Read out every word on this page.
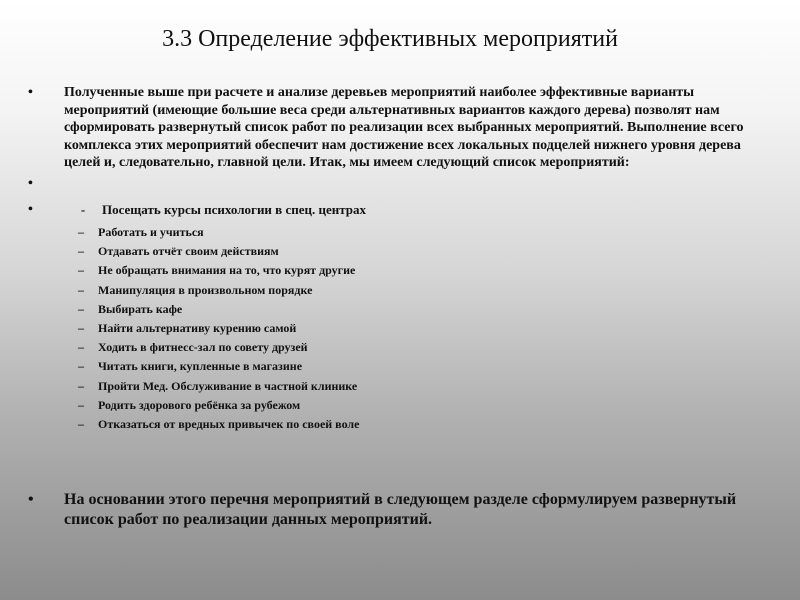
3.3 Определение эффективных мероприятий
•	Полученные выше при расчете и анализе деревьев мероприятий наиболее эффективные варианты мероприятий (имеющие большие веса среди альтернативных вариантов каждого дерева) позволят нам сформировать развернутый список работ по реализации всех выбранных мероприятий. Выполнение всего комплекса этих мероприятий обеспечит нам достижение всех локальных подцелей нижнего уровня дерева целей и, следовательно, главной цели. Итак, мы имеем следующий список мероприятий:
•
•	- Посещать курсы психологии в спец. центрах
–	Работать и учиться
–	Отдавать отчёт своим действиям
–	Не обращать внимания на то, что курят другие
–	Манипуляция в произвольном порядке
–	Выбирать кафе
–	Найти альтернативу курению самой
–	Ходить в фитнесс-зал по совету друзей
–	Читать книги, купленные в магазине
–	Пройти Мед. Обслуживание в частной клинике
–	Родить здорового ребёнка за рубежом
–	Отказаться от вредных привычек по своей воле
•	На основании этого перечня мероприятий в следующем разделе сформулируем развернутый список работ по реализации данных мероприятий.
